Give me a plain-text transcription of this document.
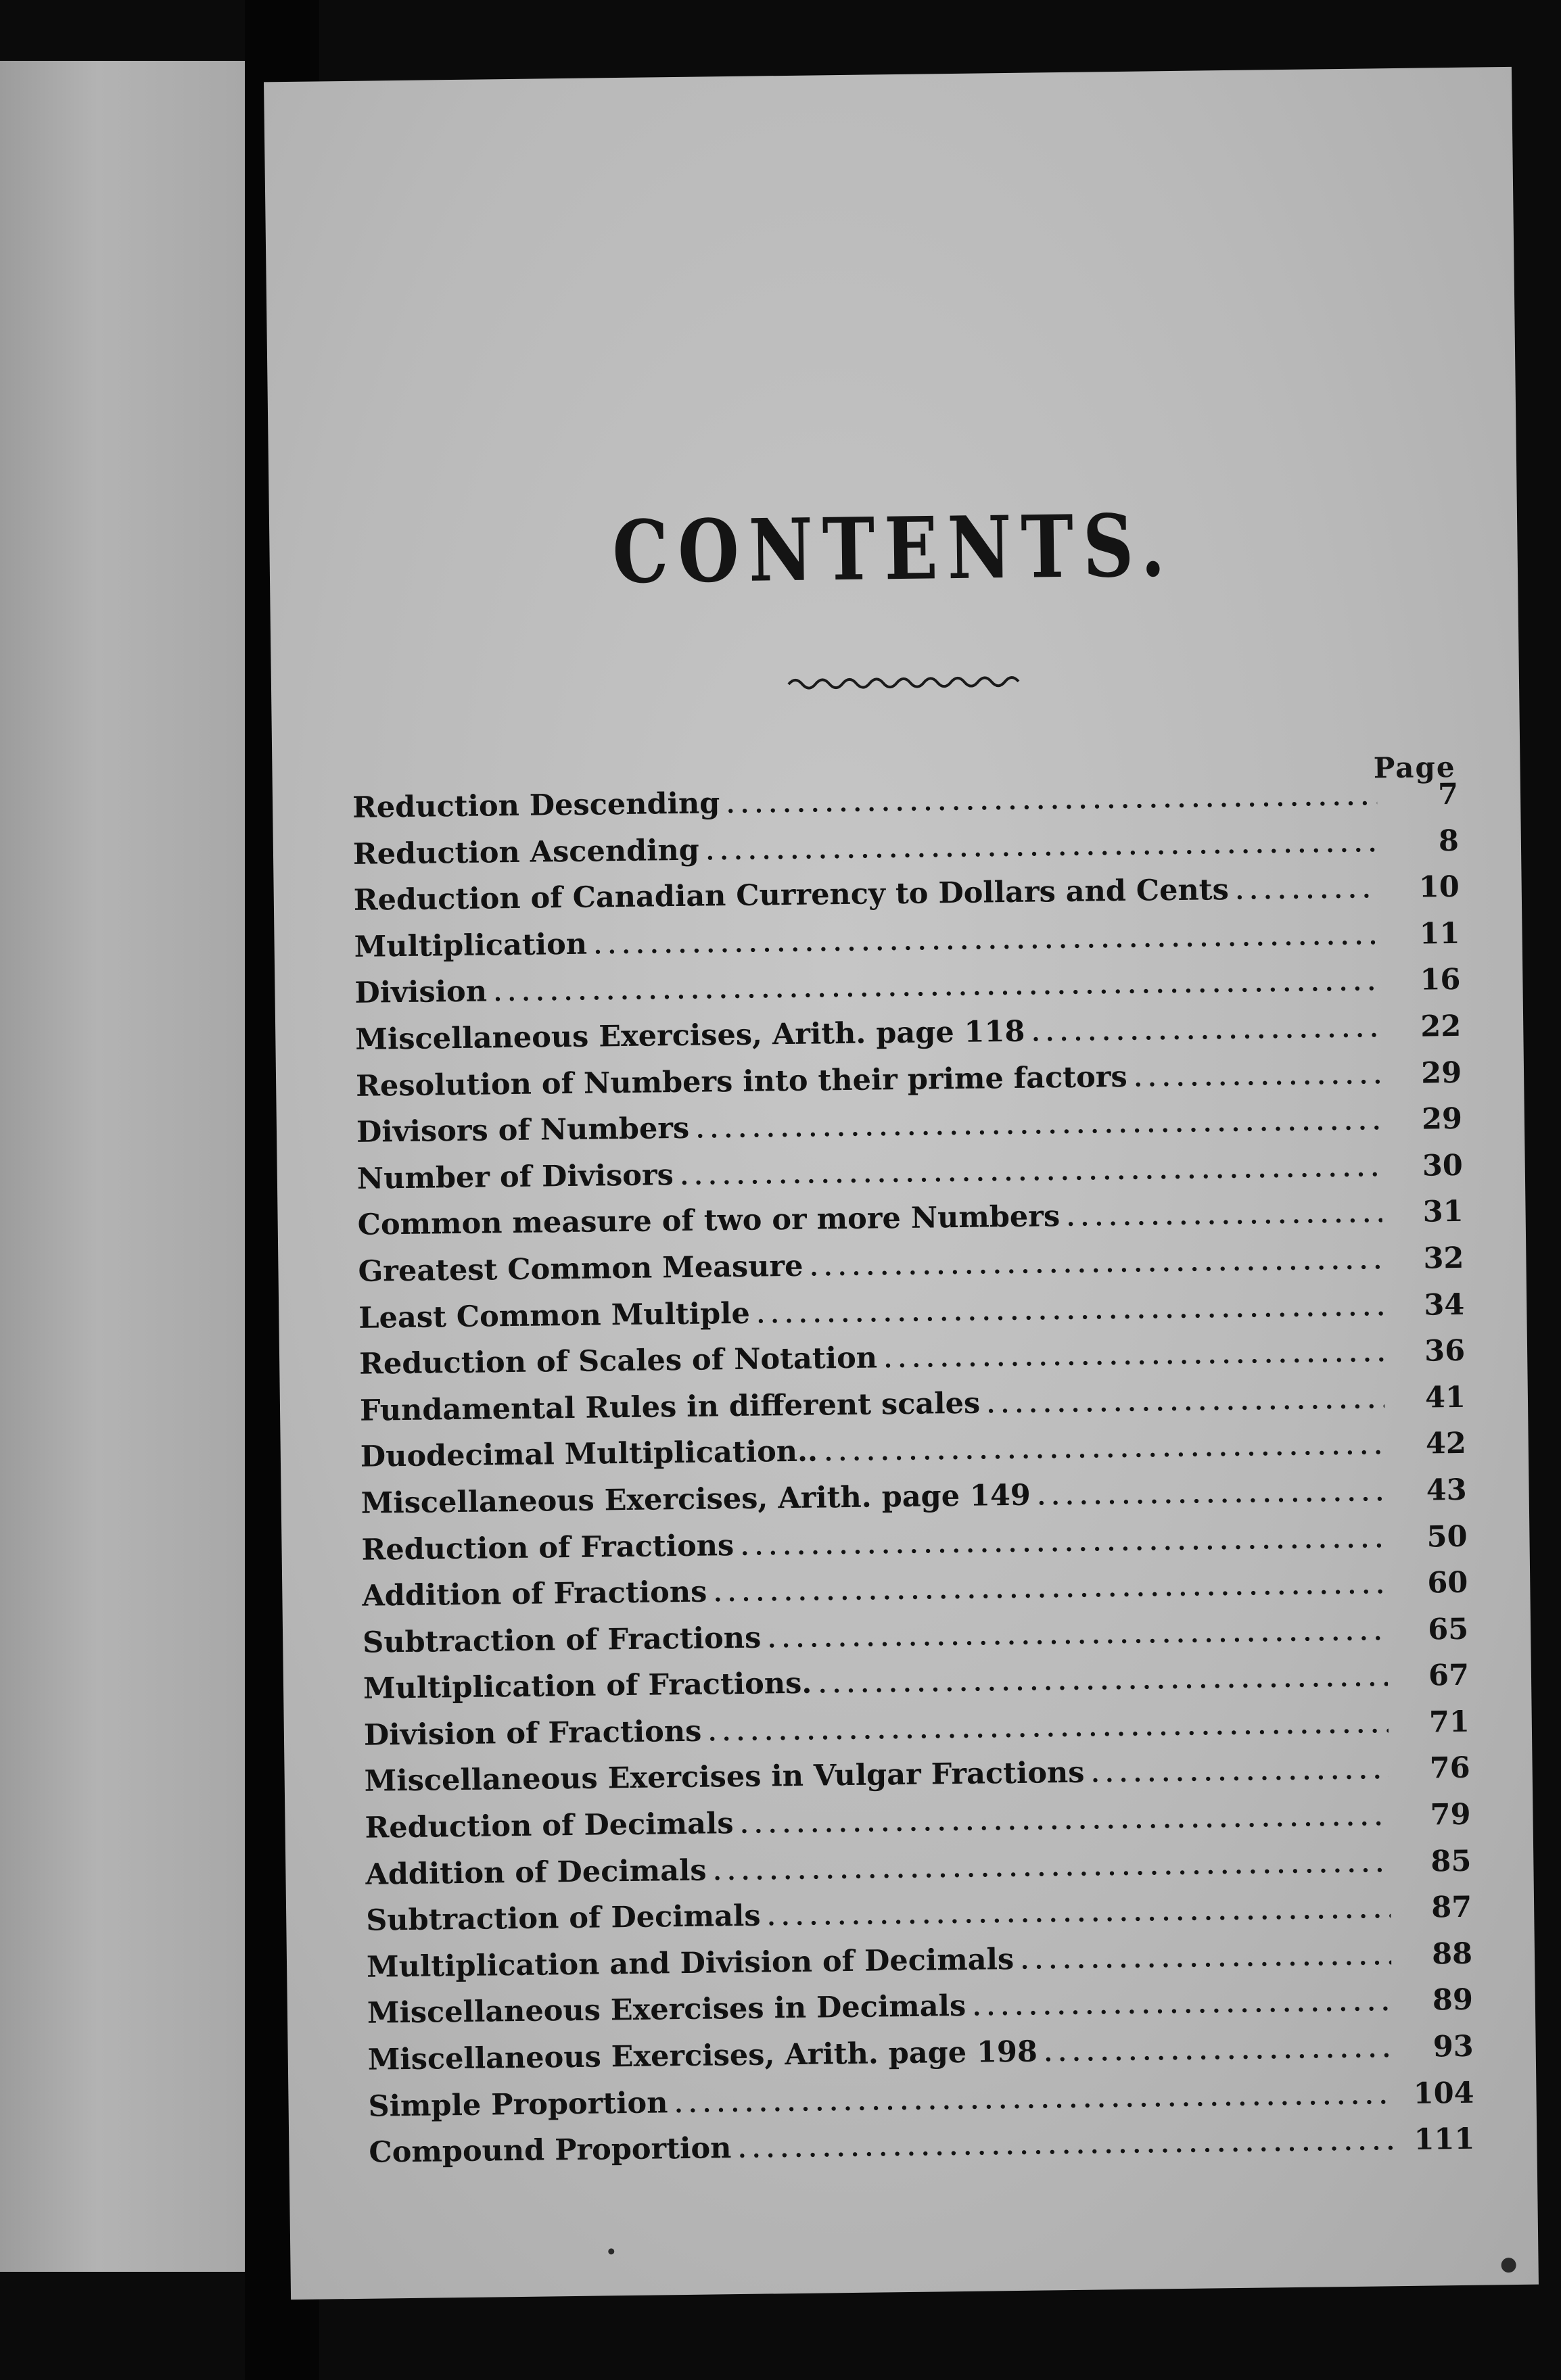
CONTENTS.
Page
Reduction Descending .....	7
Reduction Ascending .....	8
Reduction of Canadian Currency to Dollars and Cents .....	10
Multiplication .....	11
Division .....	16
Miscellaneous Exercises, Arith. page 118 .....	22
Resolution of Numbers into their prime factors .....	29
Divisors of Numbers .....	29
Number of Divisors .....	30
Common measure of two or more Numbers .....	31
Greatest Common Measure .....	32
Least Common Multiple .....	34
Reduction of Scales of Notation .....	36
Fundamental Rules in different scales .....	41
Duodecimal Multiplication.. .....	42
Miscellaneous Exercises, Arith. page 149 .....	43
Reduction of Fractions .....	50
Addition of Fractions .....	60
Subtraction of Fractions .....	65
Multiplication of Fractions. .....	67
Division of Fractions .....	71
Miscellaneous Exercises in Vulgar Fractions .....	76
Reduction of Decimals .....	79
Addition of Decimals .....	85
Subtraction of Decimals .....	87
Multiplication and Division of Decimals .....	88
Miscellaneous Exercises in Decimals .....	89
Miscellaneous Exercises, Arith. page 198 .....	93
Simple Proportion .....	104
Compound Proportion .....	111
